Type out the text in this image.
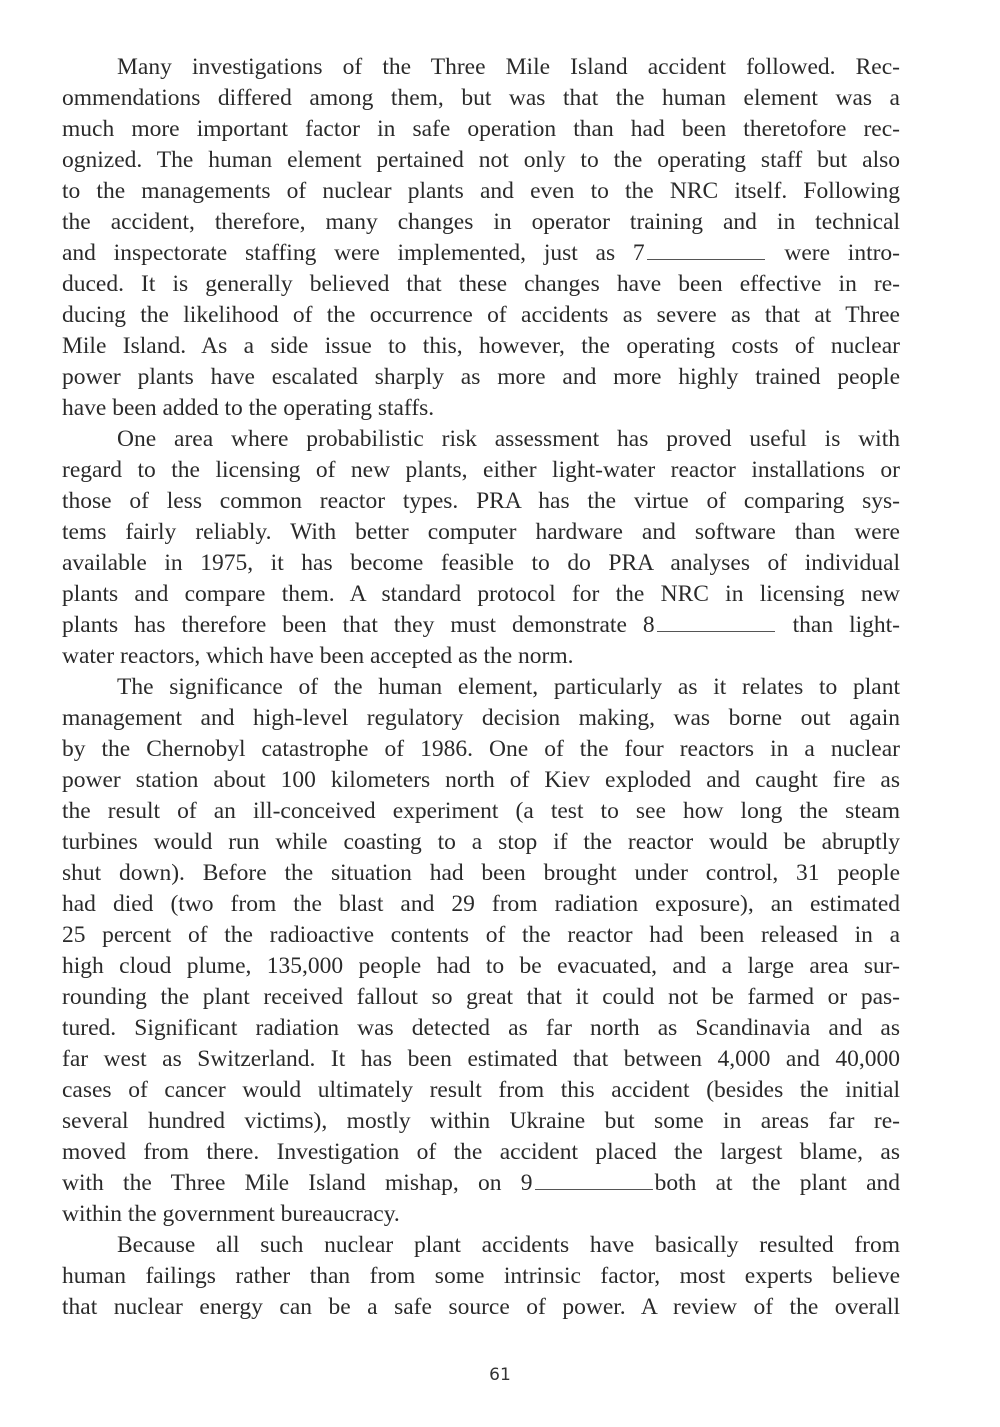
Many investigations of the Three Mile Island accident followed. Rec-
ommendations differed among them, but was that the human element was a
much more important factor in safe operation than had been theretofore rec-
ognized. The human element pertained not only to the operating staff but also
to the managements of nuclear plants and even to the NRC itself. Following
the accident, therefore, many changes in operator training and in technical
and inspectorate staffing were implemented, just as 7	were intro-
duced. It is generally believed that these changes have been effective in re-
ducing the likelihood of the occurrence of accidents as severe as that at Three
Mile Island. As a side issue to this, however, the operating costs of nuclear
power plants have escalated sharply as more and more highly trained people
have been added to the operating staffs.
One area where probabilistic risk assessment has proved useful is with
regard to the licensing of new plants, either light-water reactor installations or
those of less common reactor types. PRA has the virtue of comparing sys-
tems fairly reliably. With better computer hardware and software than were
available in 1975, it has become feasible to do PRA analyses of individual
plants and compare them. A standard protocol for the NRC in licensing new
plants has therefore been that they must demonstrate 8	than light-
water reactors, which have been accepted as the norm.
The significance of the human element, particularly as it relates to plant
management and high-level regulatory decision making, was borne out again
by the Chernobyl catastrophe of 1986. One of the four reactors in a nuclear
power station about 100 kilometers north of Kiev exploded and caught fire as
the result of an ill-conceived experiment (a test to see how long the steam
turbines would run while coasting to a stop if the reactor would be abruptly
shut down). Before the situation had been brought under control, 31 people
had died (two from the blast and 29 from radiation exposure), an estimated
25 percent of the radioactive contents of the reactor had been released in a
high cloud plume, 135,000 people had to be evacuated, and a large area sur-
rounding the plant received fallout so great that it could not be farmed or pas-
tured. Significant radiation was detected as far north as Scandinavia and as
far west as Switzerland. It has been estimated that between 4,000 and 40,000
cases of cancer would ultimately result from this accident (besides the initial
several hundred victims), mostly within Ukraine but some in areas far re-
moved from there. Investigation of the accident placed the largest blame, as
with the Three Mile Island mishap, on 9	both at the plant and
within the government bureaucracy.
Because all such nuclear plant accidents have basically resulted from
human failings rather than from some intrinsic factor, most experts believe
that nuclear energy can be a safe source of power. A review of the overall
61
